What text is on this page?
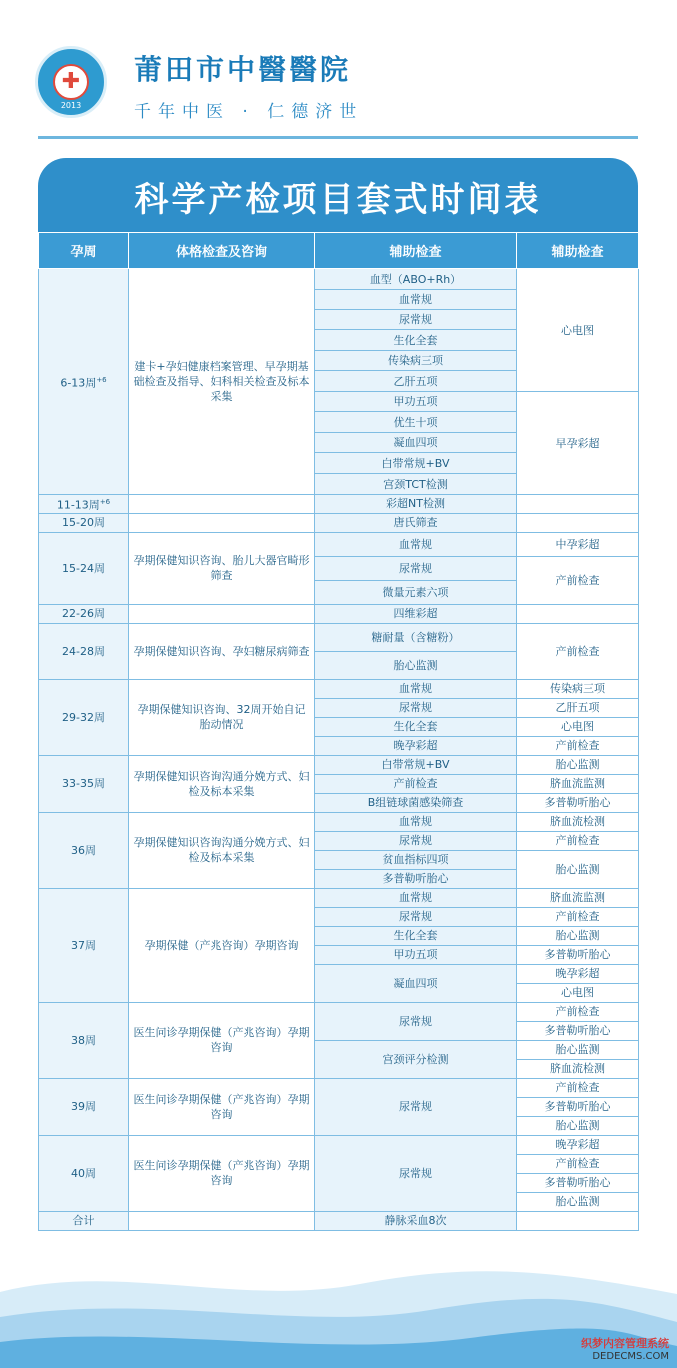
✚
2013
莆田市中醫醫院
千年中医 · 仁德济世
科学产检项目套式时间表
孕周	体格检查及咨询	辅助检查	辅助检查
6-13周$^{+6}$	建卡+孕妇健康档案管理、早孕期基础检查及指导、妇科相关检查及标本采集	血型（ABO+Rh）	心电图
		血常规	
		尿常规	
		生化全套	
		传染病三项	
		乙肝五项	
		甲功五项	早孕彩超
		优生十项	
		凝血四项	
		白带常规+BV	
		宫颈TCT检测	
11-13周$^{+6}$		彩超NT检测	
15-20周		唐氏筛查	
15-24周	孕期保健知识咨询、胎儿大器官畸形筛查	血常规	中孕彩超
		尿常规	产前检查
		微量元素六项	
22-26周		四维彩超	
24-28周	孕期保健知识咨询、孕妇糖尿病筛查	糖耐量（含糖粉）	产前检查
		胎心监测	
29-32周	孕期保健知识咨询、32周开始自记胎动情况	血常规	传染病三项
		尿常规	乙肝五项
		生化全套	心电图
		晚孕彩超	产前检查
33-35周	孕期保健知识咨询沟通分娩方式、妇检及标本采集	白带常规+BV	胎心监测
		产前检查	脐血流监测
		B组链球菌感染筛查	多普勒听胎心
36周	孕期保健知识咨询沟通分娩方式、妇检及标本采集	血常规	脐血流检测
		尿常规	产前检查
		贫血指标四项	胎心监测
		多普勒听胎心	
37周	孕期保健（产兆咨询）孕期咨询	血常规	脐血流监测
		尿常规	产前检查
		生化全套	胎心监测
		甲功五项	多普勒听胎心
		凝血四项	晚孕彩超
			心电图
38周	医生问诊孕期保健（产兆咨询）孕期咨询	尿常规	产前检查
			多普勒听胎心
		宫颈评分检测	胎心监测
			脐血流检测
39周	医生问诊孕期保健（产兆咨询）孕期咨询	尿常规	产前检查
			多普勒听胎心
			胎心监测
40周	医生问诊孕期保健（产兆咨询）孕期咨询	尿常规	晚孕彩超
			产前检查
			多普勒听胎心
			胎心监测
合计		静脉采血8次	
织梦内容管理系统
DEDECMS.COM
